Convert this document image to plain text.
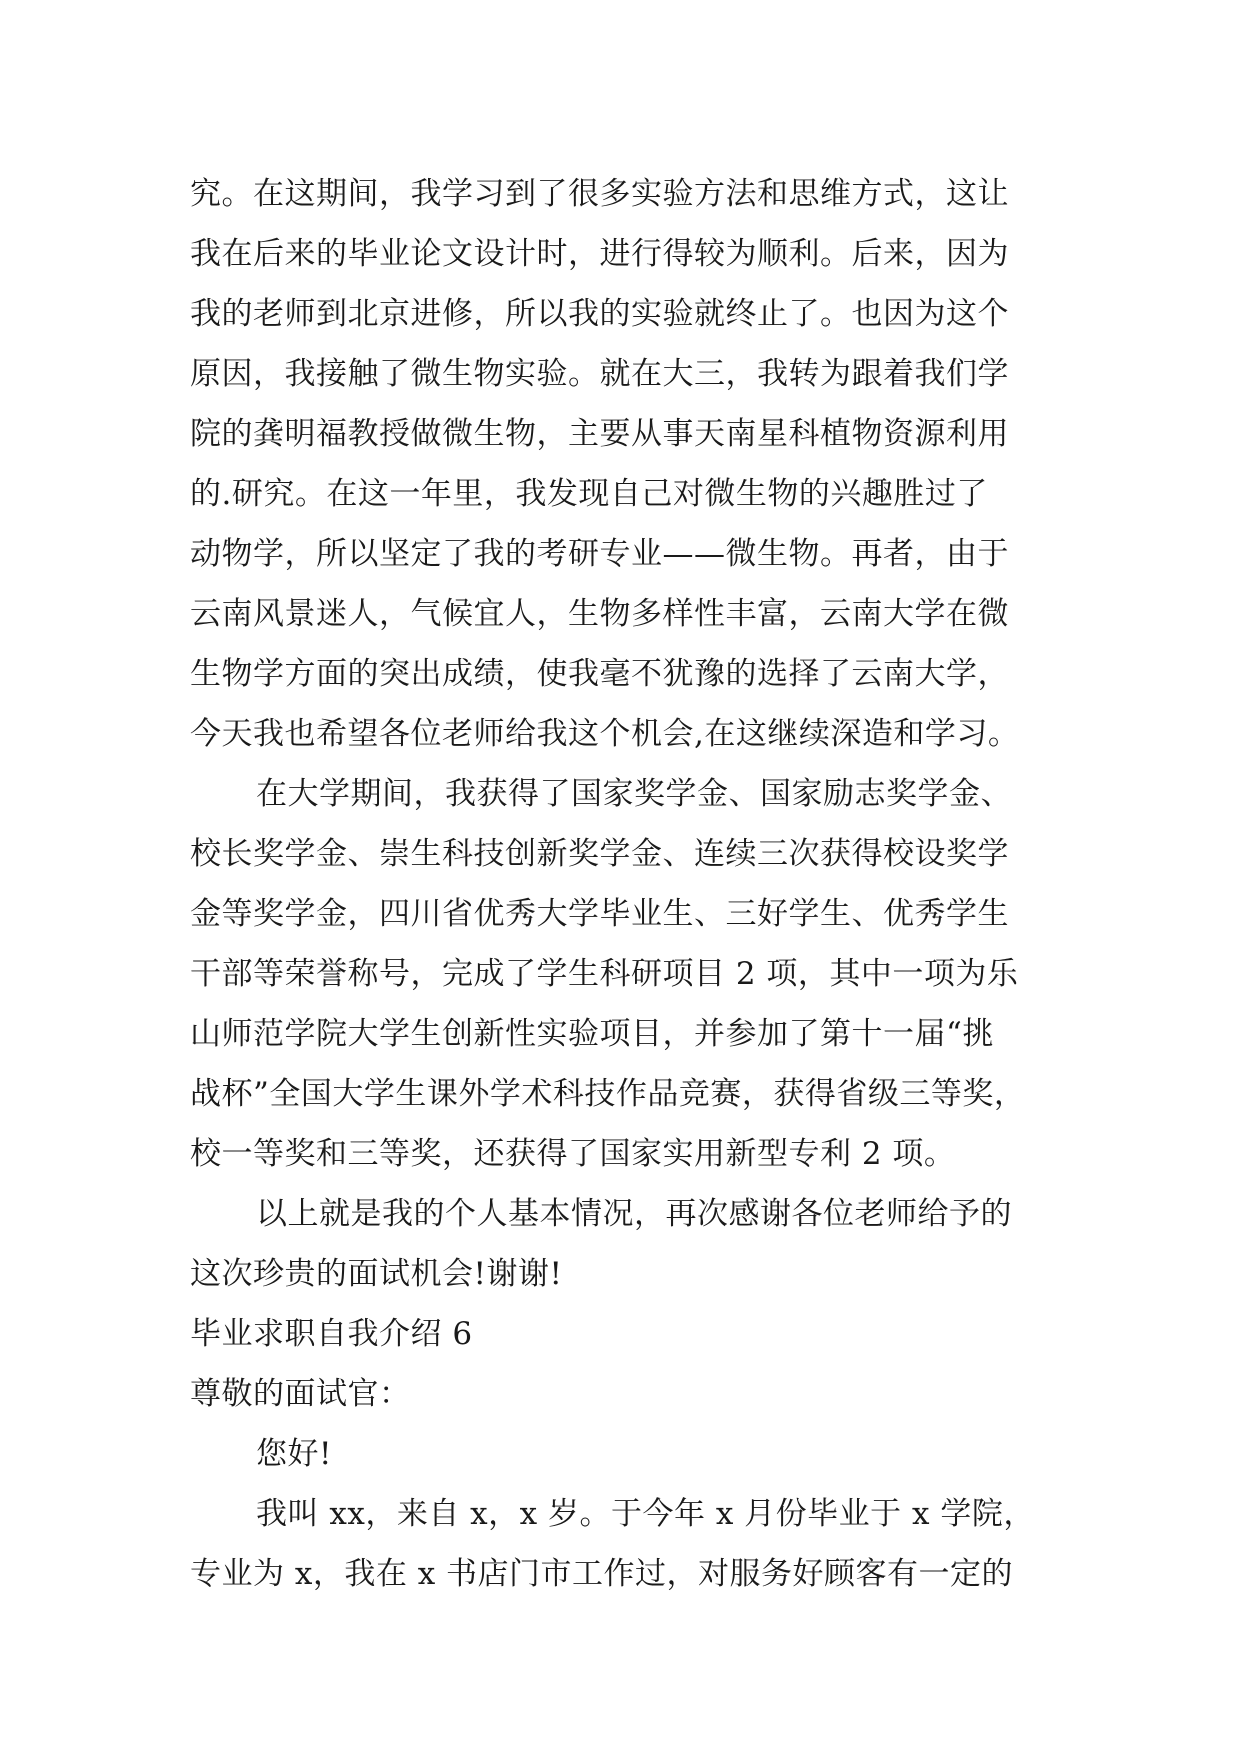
究。在这期间，我学习到了很多实验方法和思维方式，这让
我在后来的毕业论文设计时，进行得较为顺利。后来，因为
我的老师到北京进修，所以我的实验就终止了。也因为这个
原因，我接触了微生物实验。就在大三，我转为跟着我们学
院的龚明福教授做微生物，主要从事天南星科植物资源利用
的.研究。在这一年里，我发现自己对微生物的兴趣胜过了
动物学，所以坚定了我的考研专业——微生物。再者，由于
云南风景迷人，气候宜人，生物多样性丰富，云南大学在微
生物学方面的突出成绩，使我毫不犹豫的选择了云南大学，
今天我也希望各位老师给我这个机会,在这继续深造和学习。
在大学期间，我获得了国家奖学金、国家励志奖学金、
校长奖学金、崇生科技创新奖学金、连续三次获得校设奖学
金等奖学金，四川省优秀大学毕业生、三好学生、优秀学生
干部等荣誉称号，完成了学生科研项目 2 项，其中一项为乐
山师范学院大学生创新性实验项目，并参加了第十一届“挑
战杯”全国大学生课外学术科技作品竞赛，获得省级三等奖，
校一等奖和三等奖，还获得了国家实用新型专利 2 项。
以上就是我的个人基本情况，再次感谢各位老师给予的
这次珍贵的面试机会!谢谢!
毕业求职自我介绍 6
尊敬的面试官：
您好!
我叫 xx，来自 x，x 岁。于今年 x 月份毕业于 x 学院，
专业为 x，我在 x 书店门市工作过，对服务好顾客有一定的
